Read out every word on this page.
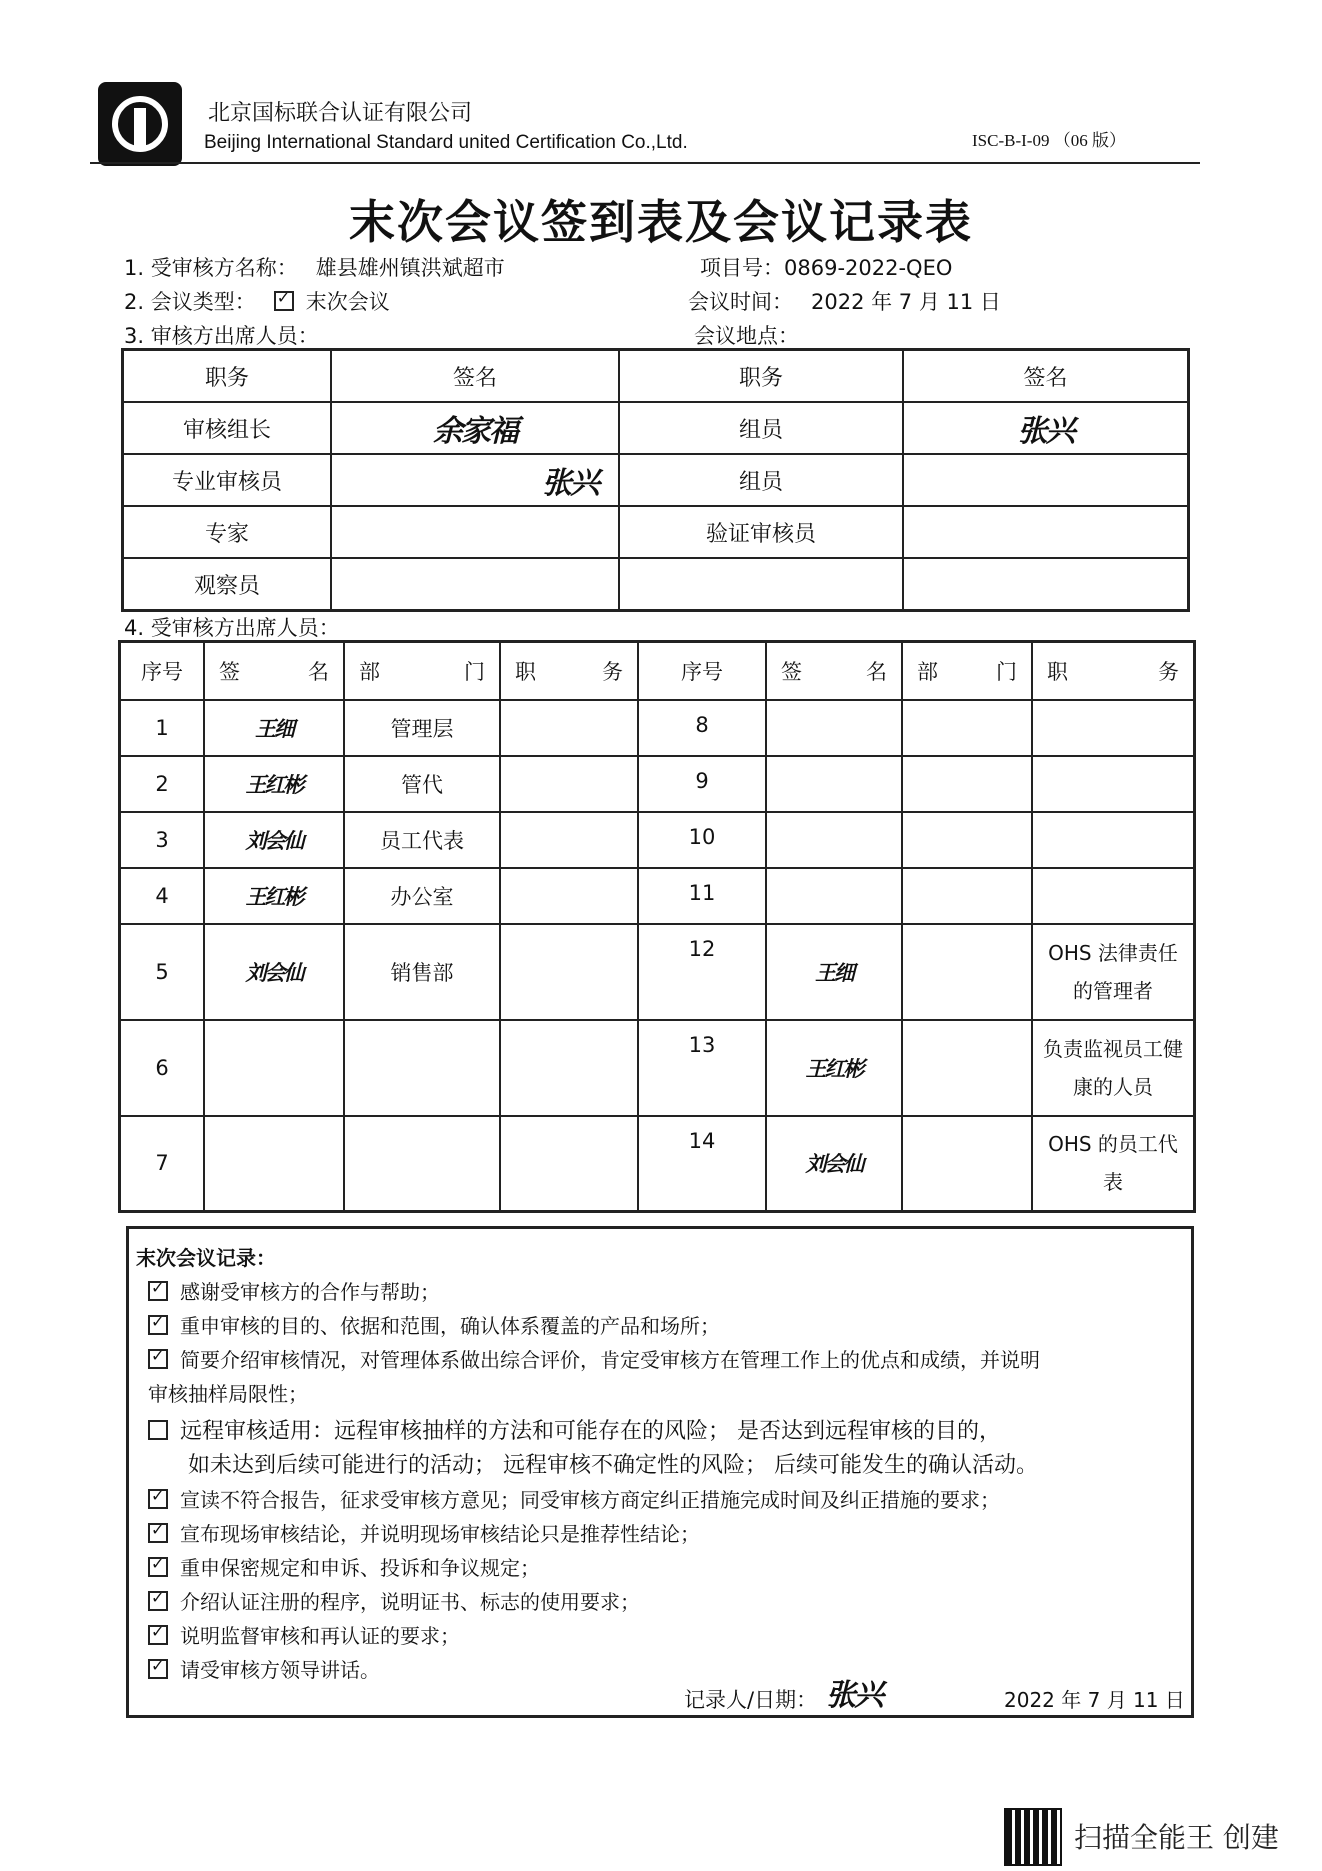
北京国标联合认证有限公司
Beijing International Standard united Certification Co.,Ltd.	ISC-B-I-09 （06 版）
末次会议签到表及会议记录表
1. 受审核方名称： 雄县雄州镇洪斌超市	项目号：0869-2022-QEO
2. 会议类型： ✓ 末次会议	会议时间： 2022 年 7 月 11 日
3. 审核方出席人员：	会议地点：
职务	签名	职务	签名
审核组长	余家福	组员	张兴
专业审核员	张兴	组员	
专家		验证审核员	
观察员			
4. 受审核方出席人员：
序号	签 名	部 门	职 务	序号	签 名	部 门	职 务

1	王细	管理层		8			
2	王红彬	管代		9			
3	刘会仙	员工代表		10			
4	王红彬	办公室		11			
5	刘会仙	销售部		12	王细		OHS 法律责任的管理者
6				13	王红彬		负责监视员工健康的人员
7				14	刘会仙		OHS 的员工代表
末次会议记录：
✓感谢受审核方的合作与帮助；
✓重申审核的目的、依据和范围，确认体系覆盖的产品和场所；
✓简要介绍审核情况，对管理体系做出综合评价，肯定受审核方在管理工作上的优点和成绩，并说明
审核抽样局限性；
远程审核适用：远程审核抽样的方法和可能存在的风险； 是否达到远程审核的目的，
如未达到后续可能进行的活动； 远程审核不确定性的风险； 后续可能发生的确认活动。
✓宣读不符合报告，征求受审核方意见；同受审核方商定纠正措施完成时间及纠正措施的要求；
✓宣布现场审核结论，并说明现场审核结论只是推荐性结论；
✓重申保密规定和申诉、投诉和争议规定；
✓介绍认证注册的程序，说明证书、标志的使用要求；
✓说明监督审核和再认证的要求；
✓请受审核方领导讲话。
记录人/日期： 张兴	2022 年 7 月 11 日
扫描全能王 创建
